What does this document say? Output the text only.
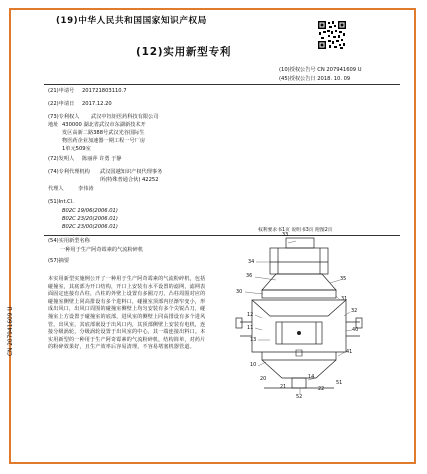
(19)中华人民共和国国家知识产权局
(12)实用新型专利
(10)授权公告号 CN 207941609 U
(45)授权公告日 2018. 10. 09
(21)申请号 201721803110.7
(22)申请日 2017.12.20
(73)专利权人 武汉中钰钜医药科技有限公司
地址 430000 湖北省武汉市东湖新技术开
发区高新二路388号武汉光谷国际生
物医药企业加速器一期工程一号厂房
1单元509室
(72)发明人 陈丽萍 许勇 于静
(74)专利代理机构 武汉国越知识产权代理事务
所(特殊普通合伙) 42252
代理人	李伟涛
(51)Int.Cl.
B02C 19/06(2006.01)
B02C 23/20(2006.01)
B02C 23/00(2006.01)
权利要求书1页 说明书3页 附图2页
(54)实用新型名称
一种用于生产阿奇霉素的气流粉碎机
(57)摘要
本实用新型实施例公开了一种用于生产阿奇霉素的气流粉碎机，包括碰撞室，其底部为开口结构，开口上安装有水平设置的滤网，滤网表面固定连接有凸柱，凸柱的外壁上设置有多圈刀刃，凸柱周围对应的碰撞室侧壁上同高排设有多个进料口，碰撞室顶部内径渐窄变小，形成出风口，出风口周围的碰撞室侧壁上均匀安装有多个尖锐凸刀，碰撞室上方设置于碰撞室的底部，进风室的侧壁上同高排设有多个进风管，出风室，其底部嵌设于出风口内，其顶部侧壁上安装有电机，连接分级涡轮，分级涡轮设置于出风室的中心，其一端连接出料口。本实用新型的一种用于生产阿奇霉素的气流粉碎机，结构简单，对药片的粉碎效果好，且生产效率后容易清理，不容易堵塞机器管道。
CN 207941609 U
33
34
36
30
35
31
32
40
12
11
13
41
10
14
20
21	22
52
51
